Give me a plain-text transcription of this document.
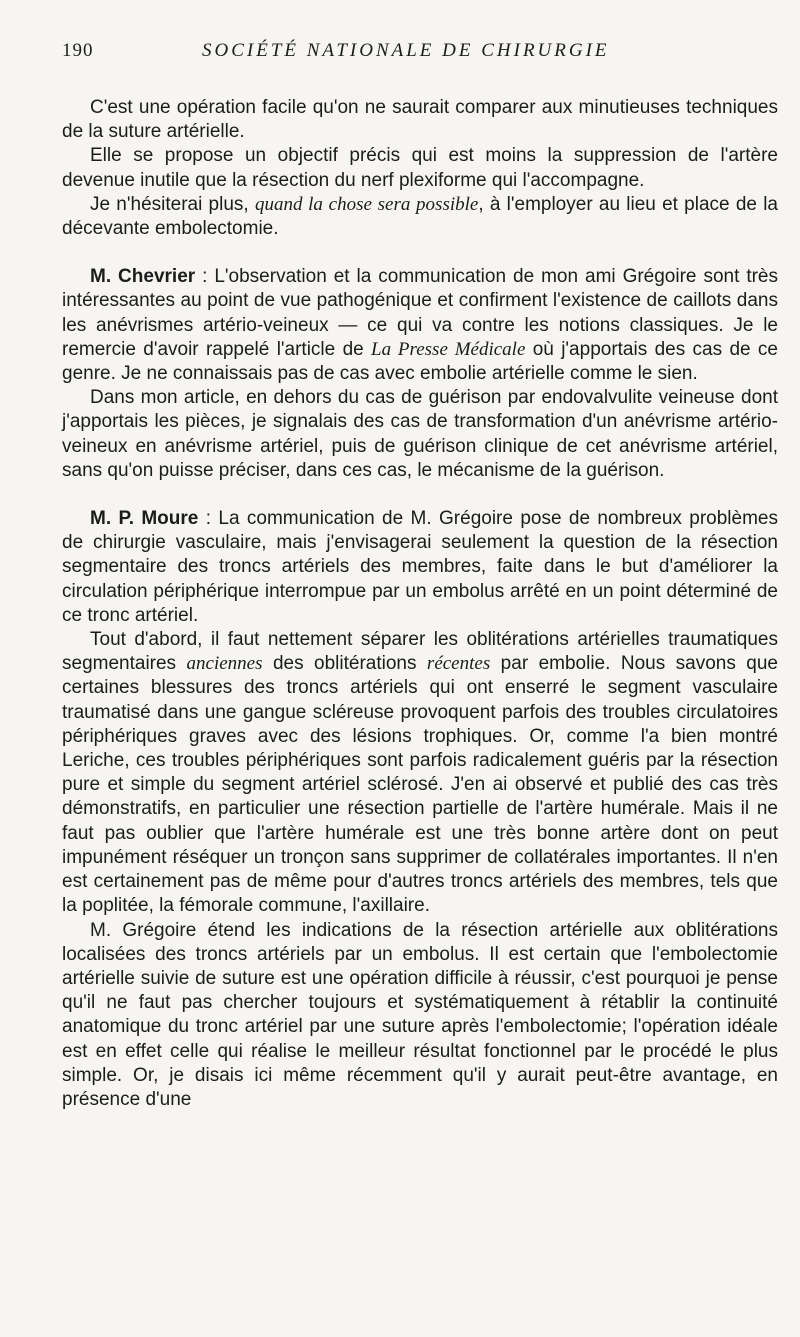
190	SOCIÉTÉ NATIONALE DE CHIRURGIE

C'est une opération facile qu'on ne saurait comparer aux minutieuses techniques de la suture artérielle.

Elle se propose un objectif précis qui est moins la suppression de l'artère devenue inutile que la résection du nerf plexiforme qui l'accompagne.

Je n'hésiterai plus, quand la chose sera possible, à l'employer au lieu et place de la décevante embolectomie.

M. Chevrier : L'observation et la communication de mon ami Grégoire sont très intéressantes au point de vue pathogénique et confirment l'existence de caillots dans les anévrismes artério-veineux — ce qui va contre les notions classiques. Je le remercie d'avoir rappelé l'article de La Presse Médicale où j'apportais des cas de ce genre. Je ne connaissais pas de cas avec embolie artérielle comme le sien.

Dans mon article, en dehors du cas de guérison par endovalvulite veineuse dont j'apportais les pièces, je signalais des cas de transformation d'un anévrisme artério-veineux en anévrisme artériel, puis de guérison clinique de cet anévrisme artériel, sans qu'on puisse préciser, dans ces cas, le mécanisme de la guérison.

M. P. Moure : La communication de M. Grégoire pose de nombreux problèmes de chirurgie vasculaire, mais j'envisagerai seulement la question de la résection segmentaire des troncs artériels des membres, faite dans le but d'améliorer la circulation périphérique interrompue par un embolus arrêté en un point déterminé de ce tronc artériel.

Tout d'abord, il faut nettement séparer les oblitérations artérielles traumatiques segmentaires anciennes des oblitérations récentes par embolie. Nous savons que certaines blessures des troncs artériels qui ont enserré le segment vasculaire traumatisé dans une gangue scléreuse provoquent parfois des troubles circulatoires périphériques graves avec des lésions trophiques. Or, comme l'a bien montré Leriche, ces troubles périphériques sont parfois radicalement guéris par la résection pure et simple du segment artériel sclérosé. J'en ai observé et publié des cas très démonstratifs, en particulier une résection partielle de l'artère humérale. Mais il ne faut pas oublier que l'artère humérale est une très bonne artère dont on peut impunément réséquer un tronçon sans supprimer de collatérales importantes. Il n'en est certainement pas de même pour d'autres troncs artériels des membres, tels que la poplitée, la fémorale commune, l'axillaire.

M. Grégoire étend les indications de la résection artérielle aux oblitérations localisées des troncs artériels par un embolus. Il est certain que l'embolectomie artérielle suivie de suture est une opération difficile à réussir, c'est pourquoi je pense qu'il ne faut pas chercher toujours et systématiquement à rétablir la continuité anatomique du tronc artériel par une suture après l'embolectomie; l'opération idéale est en effet celle qui réalise le meilleur résultat fonctionnel par le procédé le plus simple. Or, je disais ici même récemment qu'il y aurait peut-être avantage, en présence d'une
